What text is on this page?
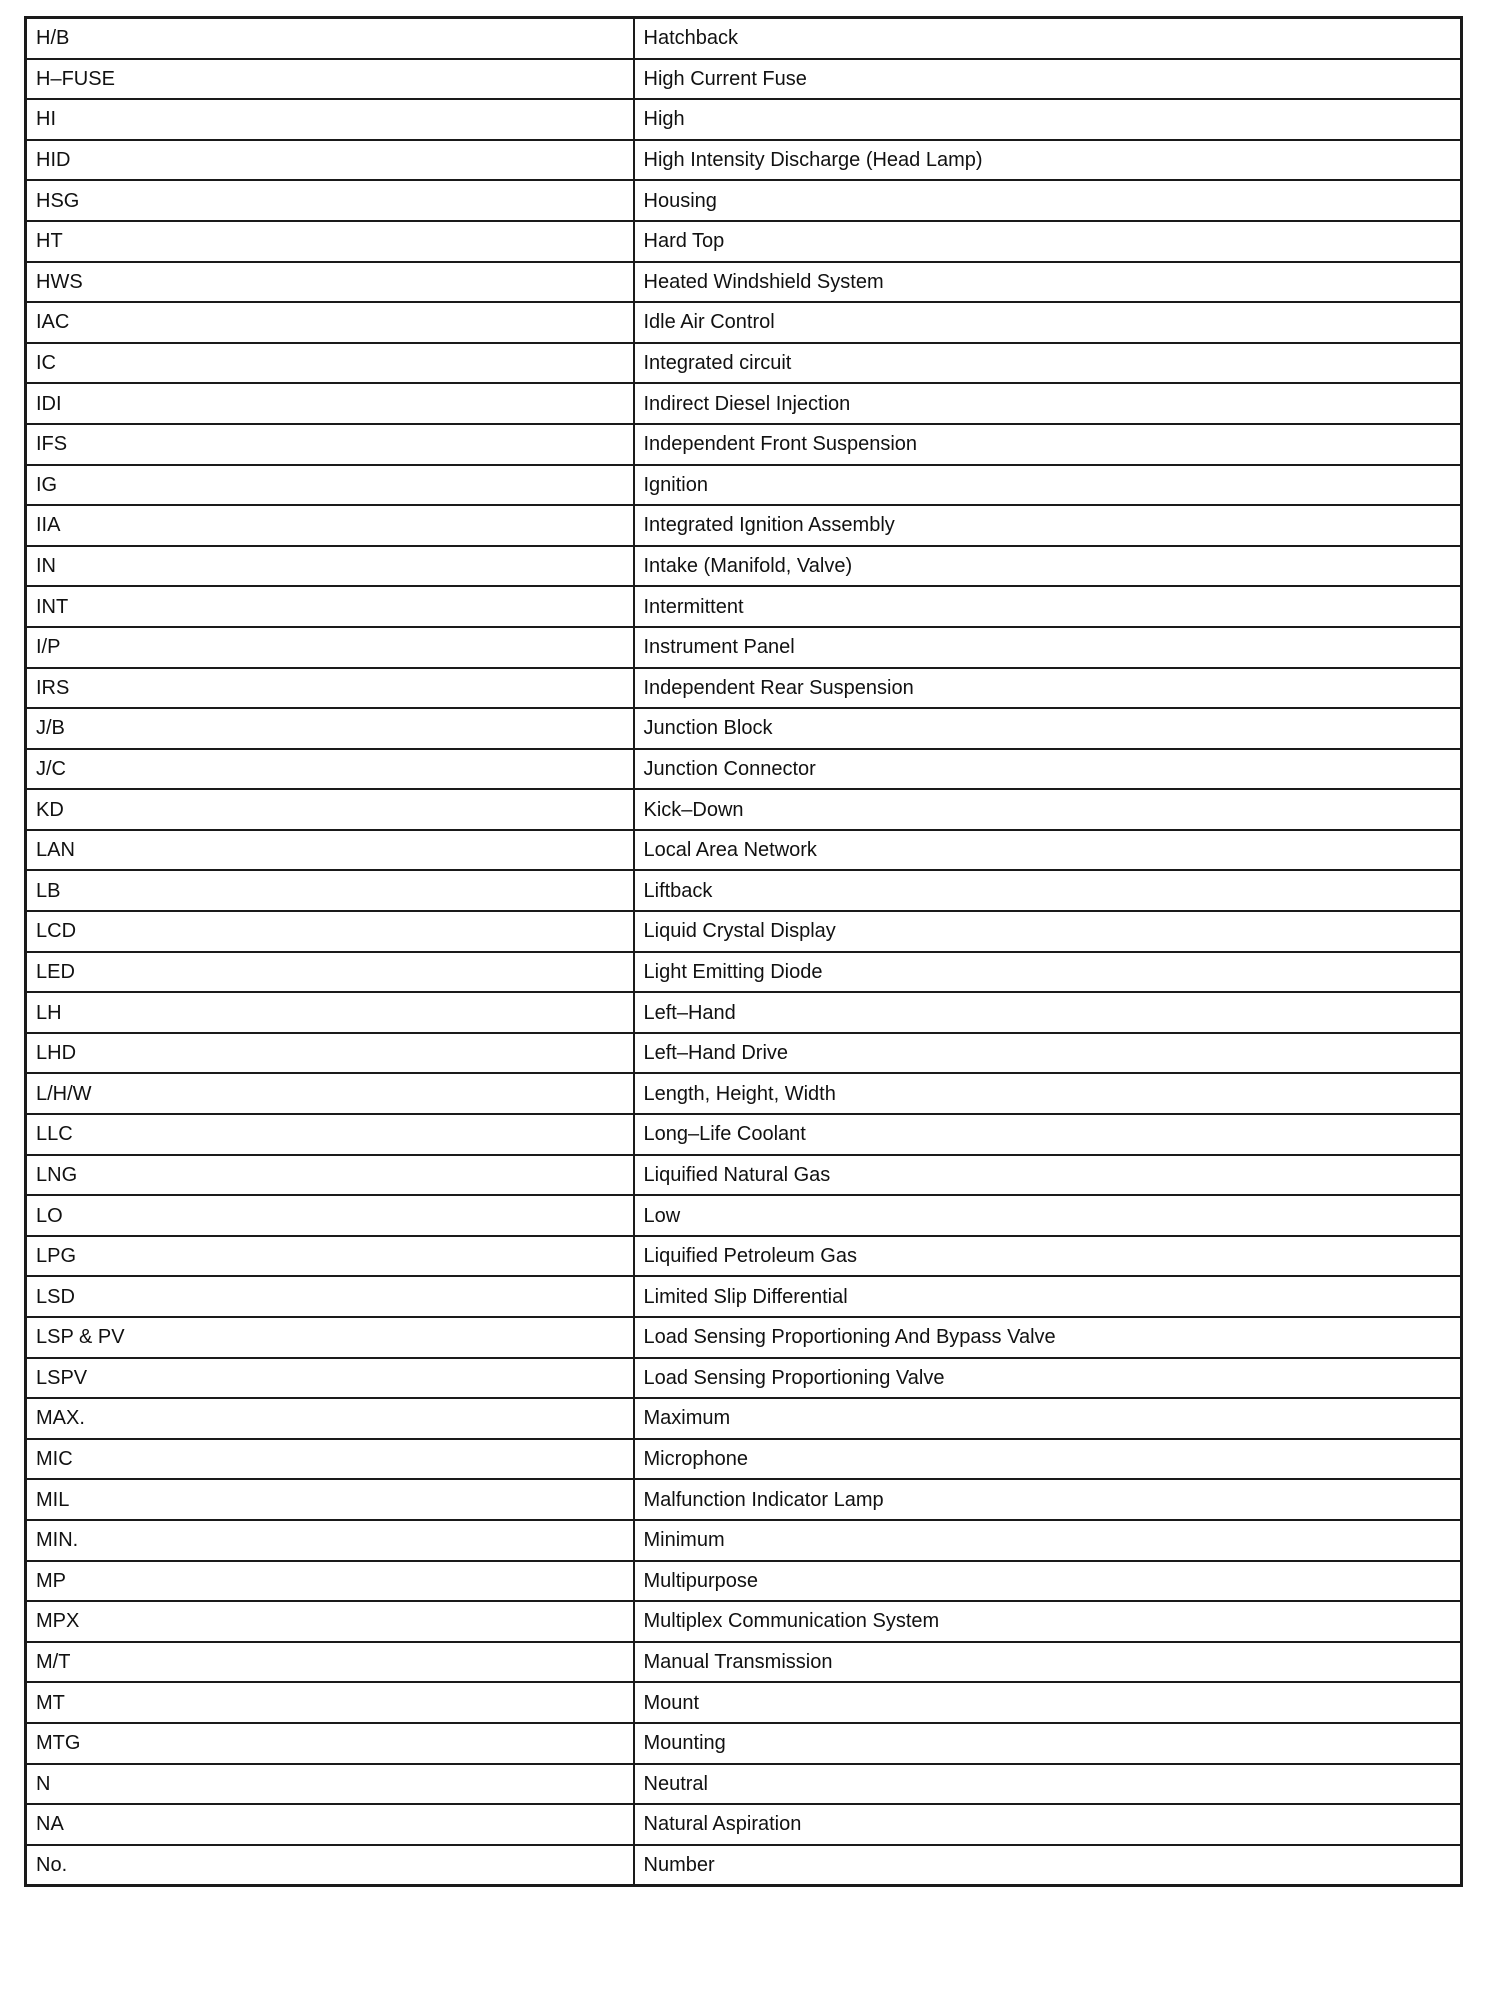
H/B	Hatchback
H–FUSE	High Current Fuse
HI	High
HID	High Intensity Discharge (Head Lamp)
HSG	Housing
HT	Hard Top
HWS	Heated Windshield System
IAC	Idle Air Control
IC	Integrated circuit
IDI	Indirect Diesel Injection
IFS	Independent Front Suspension
IG	Ignition
IIA	Integrated Ignition Assembly
IN	Intake (Manifold, Valve)
INT	Intermittent
I/P	Instrument Panel
IRS	Independent Rear Suspension
J/B	Junction Block
J/C	Junction Connector
KD	Kick–Down
LAN	Local Area Network
LB	Liftback
LCD	Liquid Crystal Display
LED	Light Emitting Diode
LH	Left–Hand
LHD	Left–Hand Drive
L/H/W	Length, Height, Width
LLC	Long–Life Coolant
LNG	Liquified Natural Gas
LO	Low
LPG	Liquified Petroleum Gas
LSD	Limited Slip Differential
LSP & PV	Load Sensing Proportioning And Bypass Valve
LSPV	Load Sensing Proportioning Valve
MAX.	Maximum
MIC	Microphone
MIL	Malfunction Indicator Lamp
MIN.	Minimum
MP	Multipurpose
MPX	Multiplex Communication System
M/T	Manual Transmission
MT	Mount
MTG	Mounting
N	Neutral
NA	Natural Aspiration
No.	Number
